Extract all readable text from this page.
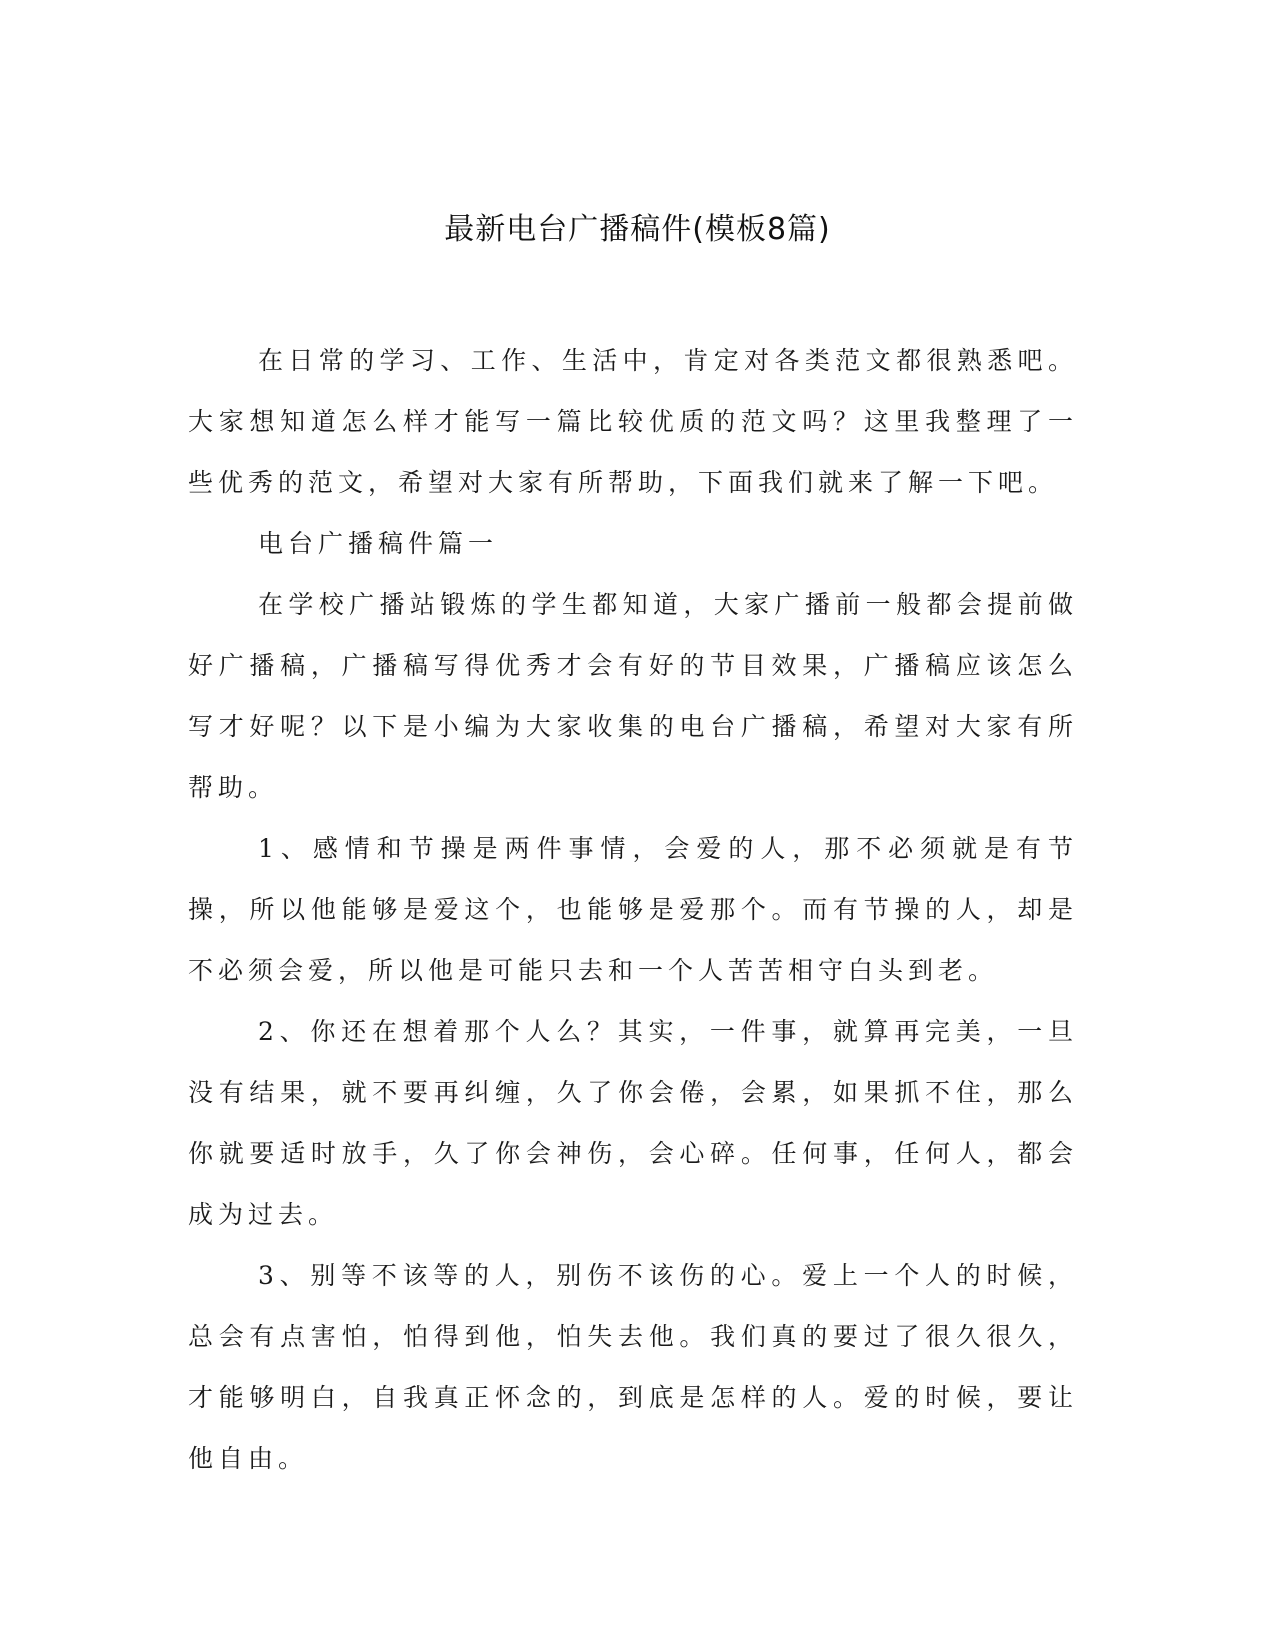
最新电台广播稿件(模板8篇)

在日常的学习、工作、生活中，肯定对各类范文都很熟悉吧。大家想知道怎么样才能写一篇比较优质的范文吗？这里我整理了一些优秀的范文，希望对大家有所帮助，下面我们就来了解一下吧。

电台广播稿件篇一

在学校广播站锻炼的学生都知道，大家广播前一般都会提前做好广播稿，广播稿写得优秀才会有好的节目效果，广播稿应该怎么写才好呢？以下是小编为大家收集的电台广播稿，希望对大家有所帮助。

1、感情和节操是两件事情，会爱的人，那不必须就是有节操，所以他能够是爱这个，也能够是爱那个。而有节操的人，却是不必须会爱，所以他是可能只去和一个人苦苦相守白头到老。

2、你还在想着那个人么？其实，一件事，就算再完美，一旦没有结果，就不要再纠缠，久了你会倦，会累，如果抓不住，那么你就要适时放手，久了你会神伤，会心碎。任何事，任何人，都会成为过去。

3、别等不该等的人，别伤不该伤的心。爱上一个人的时候，总会有点害怕，怕得到他，怕失去他。我们真的要过了很久很久，才能够明白，自我真正怀念的，到底是怎样的人。爱的时候，要让他自由。
